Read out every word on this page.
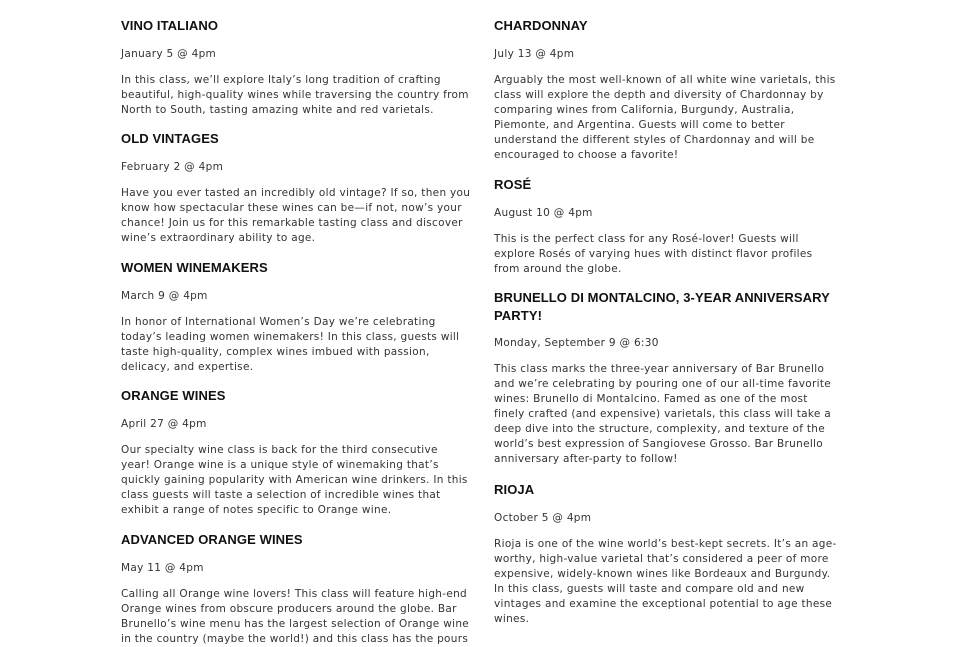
VINO ITALIANO

January 5 @ 4pm

In this class, we’ll explore Italy’s long tradition of crafting
beautiful, high-quality wines while traversing the country from
North to South, tasting amazing white and red varietals.

OLD VINTAGES

February 2 @ 4pm

Have you ever tasted an incredibly old vintage? If so, then you
know how spectacular these wines can be—if not, now’s your
chance! Join us for this remarkable tasting class and discover
wine’s extraordinary ability to age.

WOMEN WINEMAKERS

March 9 @ 4pm

In honor of International Women’s Day we’re celebrating
today’s leading women winemakers! In this class, guests will
taste high-quality, complex wines imbued with passion,
delicacy, and expertise.

ORANGE WINES

April 27 @ 4pm

Our specialty wine class is back for the third consecutive
year! Orange wine is a unique style of winemaking that’s
quickly gaining popularity with American wine drinkers. In this
class guests will taste a selection of incredible wines that
exhibit a range of notes specific to Orange wine.

ADVANCED ORANGE WINES

May 11 @ 4pm

Calling all Orange wine lovers! This class will feature high-end
Orange wines from obscure producers around the globe. Bar
Brunello’s wine menu has the largest selection of Orange wine
in the country (maybe the world!) and this class has the pours

CHARDONNAY

July 13 @ 4pm

Arguably the most well-known of all white wine varietals, this
class will explore the depth and diversity of Chardonnay by
comparing wines from California, Burgundy, Australia,
Piemonte, and Argentina. Guests will come to better
understand the different styles of Chardonnay and will be
encouraged to choose a favorite!

ROSÉ

August 10 @ 4pm

This is the perfect class for any Rosé-lover! Guests will
explore Rosés of varying hues with distinct flavor profiles
from around the globe.

BRUNELLO DI MONTALCINO, 3-YEAR ANNIVERSARY PARTY!

Monday, September 9 @ 6:30

This class marks the three-year anniversary of Bar Brunello
and we’re celebrating by pouring one of our all-time favorite
wines: Brunello di Montalcino. Famed as one of the most
finely crafted (and expensive) varietals, this class will take a
deep dive into the structure, complexity, and texture of the
world’s best expression of Sangiovese Grosso. Bar Brunello
anniversary after-party to follow!

RIOJA

October 5 @ 4pm

Rioja is one of the wine world’s best-kept secrets. It’s an age-
worthy, high-value varietal that’s considered a peer of more
expensive, widely-known wines like Bordeaux and Burgundy.
In this class, guests will taste and compare old and new
vintages and examine the exceptional potential to age these
wines.
